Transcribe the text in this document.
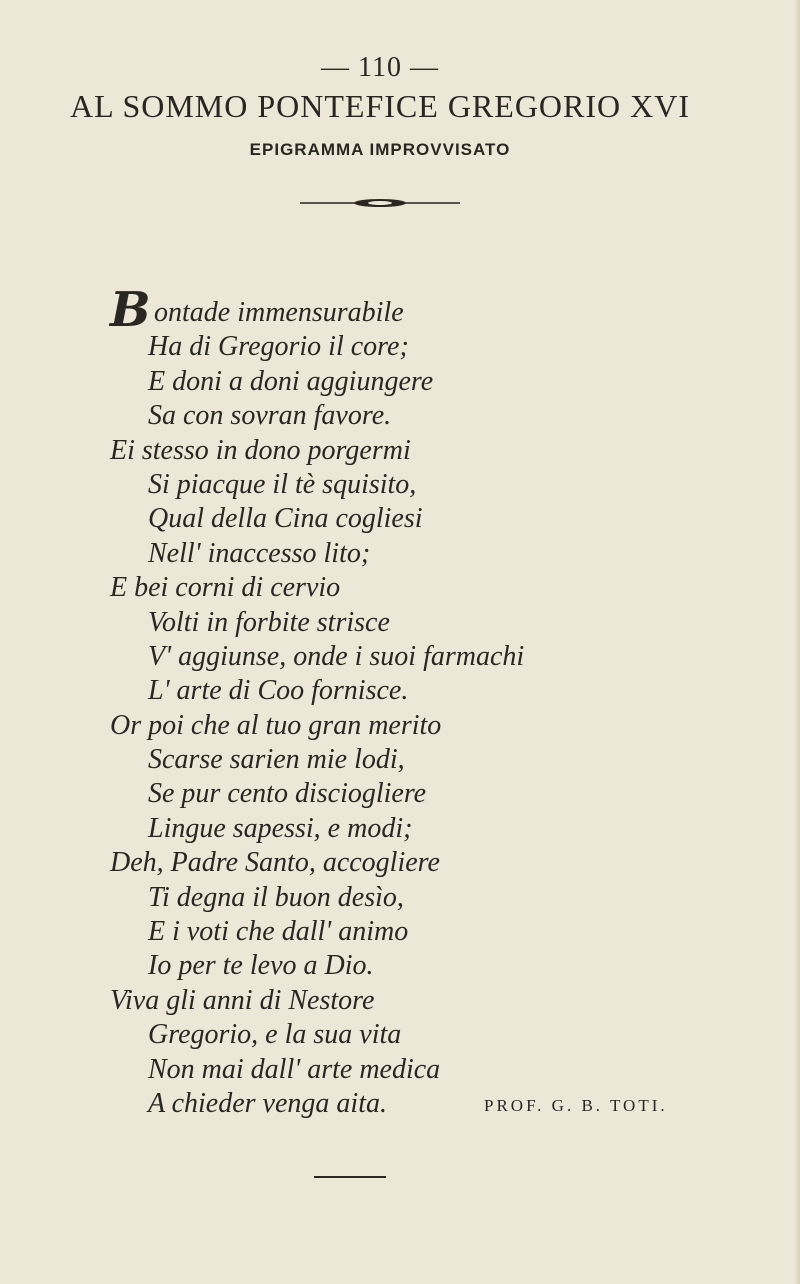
— 110 —
AL SOMMO PONTEFICE GREGORIO XVI
EPIGRAMMA IMPROVVISATO
B ontade immensurabile
Ha di Gregorio il core;
E doni a doni aggiungere
Sa con sovran favore.
Ei stesso in dono porgermi
Si piacque il tè squisito,
Qual della Cina cogliesi
Nell' inaccesso lito;
E bei corni di cervio
Volti in forbite strisce
V' aggiunse, onde i suoi farmachi
L' arte di Coo fornisce.
Or poi che al tuo gran merito
Scarse sarien mie lodi,
Se pur cento disciogliere
Lingue sapessi, e modi;
Deh, Padre Santo, accogliere
Ti degna il buon desìo,
E i voti che dall' animo
Io per te levo a Dio.
Viva gli anni di Nestore
Gregorio, e la sua vita
Non mai dall' arte medica
A chieder venga aita.	PROF. G. B. TOTI.
